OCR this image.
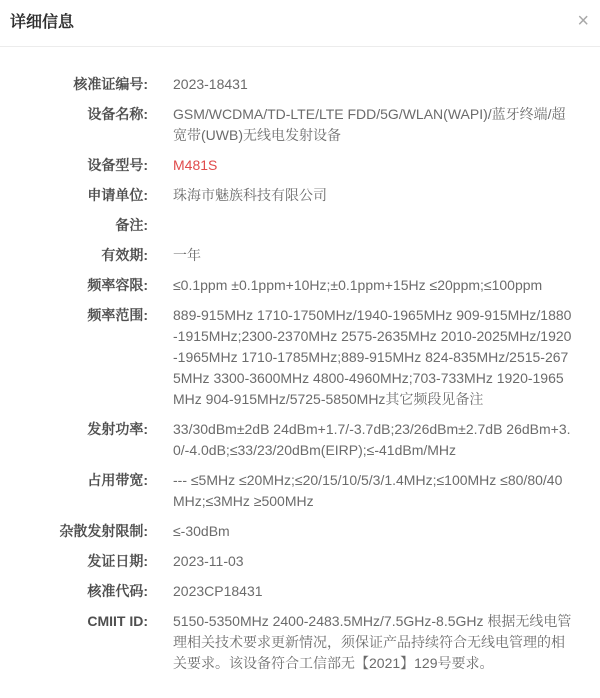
详细信息	×
核准证编号: 2023-18431
设备名称: GSM/WCDMA/TD-LTE/LTE FDD/5G/WLAN(WAPI)/蓝牙终端/超宽带(UWB)无线电发射设备
设备型号: M481S
申请单位: 珠海市魅族科技有限公司
备注:
有效期: 一年
频率容限: ≤0.1ppm ±0.1ppm+10Hz;±0.1ppm+15Hz ≤20ppm;≤100ppm
频率范围: 889-915MHz 1710-1750MHz/1940-1965MHz 909-915MHz/1880-1915MHz;2300-2370MHz 2575-2635MHz 2010-2025MHz/1920-1965MHz 1710-1785MHz;889-915MHz 824-835MHz/2515-2675MHz 3300-3600MHz 4800-4960MHz;703-733MHz 1920-1965MHz 904-915MHz/5725-5850MHz其它频段见备注
发射功率: 33/30dBm±2dB 24dBm+1.7/-3.7dB;23/26dBm±2.7dB 26dBm+3.0/-4.0dB;≤33/23/20dBm(EIRP);≤-41dBm/MHz
占用带宽: --- ≤5MHz ≤20MHz;≤20/15/10/5/3/1.4MHz;≤100MHz ≤80/80/40MHz;≤3MHz ≥500MHz
杂散发射限制: ≤-30dBm
发证日期: 2023-11-03
核准代码: 2023CP18431
CMIIT ID: 5150-5350MHz 2400-2483.5MHz/7.5GHz-8.5GHz 根据无线电管理相关技术要求更新情况，须保证产品持续符合无线电管理的相关要求。该设备符合工信部无【2021】129号要求。
